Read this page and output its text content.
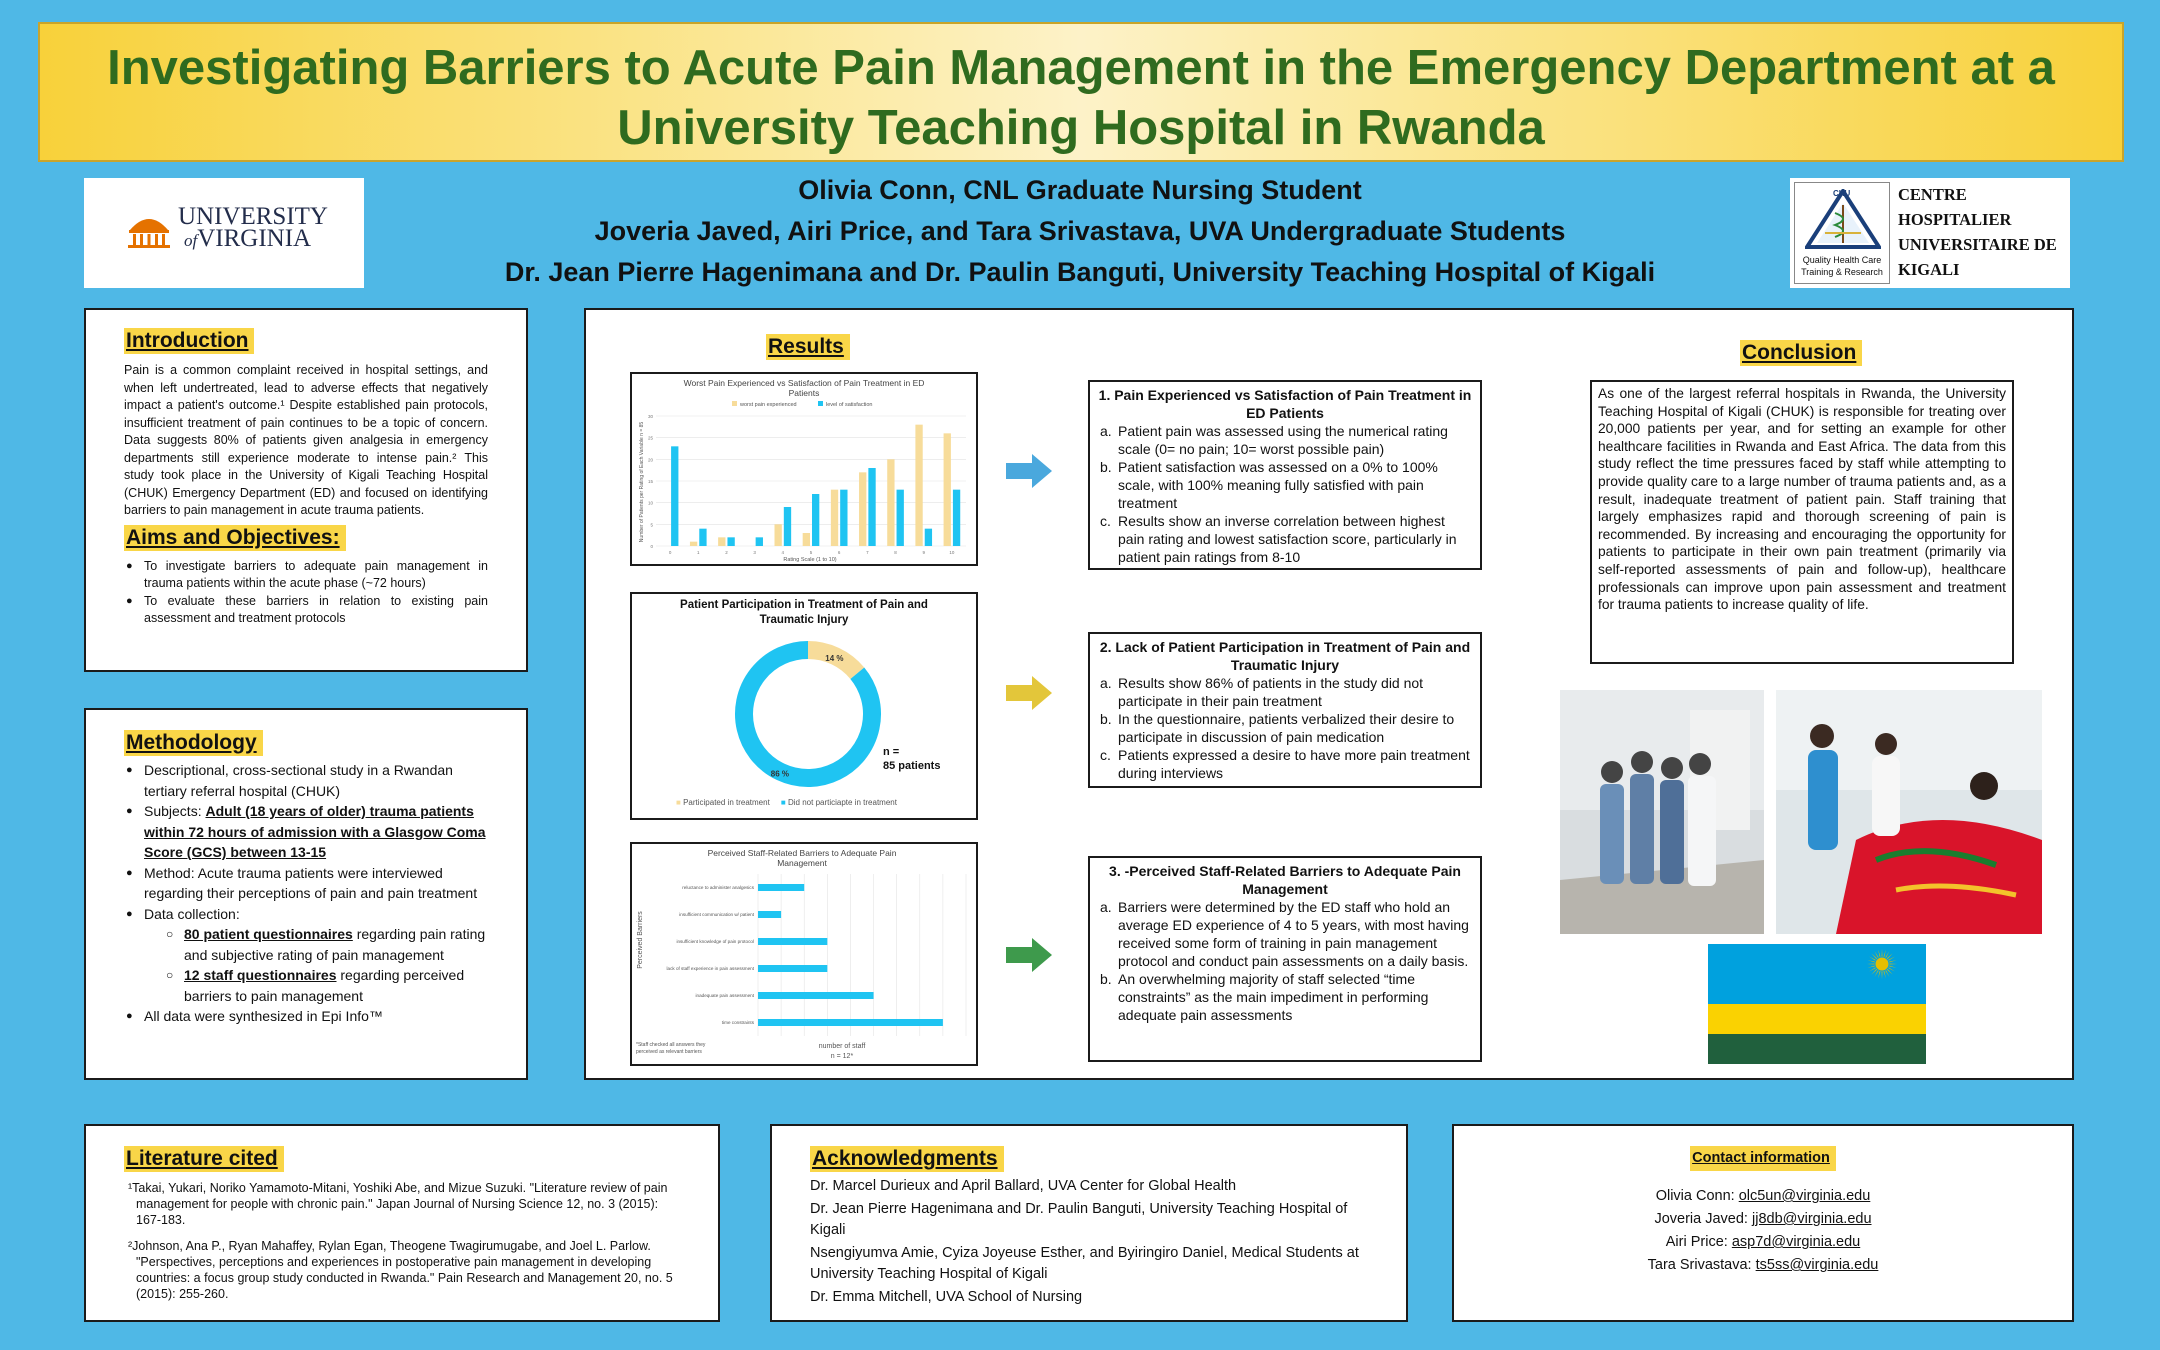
Investigating Barriers to Acute Pain Management in the Emergency Department at a
University Teaching Hospital in Rwanda
UNIVERSITY
ofVIRGINIA
Olivia Conn, CNL Graduate Nursing Student
Joveria Javed, Airi Price, and Tara Srivastava, UVA Undergraduate Students
Dr. Jean Pierre Hagenimana and Dr. Paulin Banguti, University Teaching Hospital of Kigali
CHU
Quality Health Care
Training & Research
CENTRE
HOSPITALIER
UNIVERSITAIRE DE
KIGALI
Introduction
Pain is a common complaint received in hospital settings, and when left undertreated, lead to adverse effects that negatively impact a patient's outcome.¹ Despite established pain protocols, insufficient treatment of pain continues to be a topic of concern. Data suggests 80% of patients given analgesia in emergency departments still experience moderate to intense pain.² This study took place in the University of Kigali Teaching Hospital (CHUK) Emergency Department (ED) and focused on identifying barriers to pain management in acute trauma patients.
Aims and Objectives:
● To investigate barriers to adequate pain management in trauma patients within the acute phase (~72 hours)
● To evaluate these barriers in relation to existing pain assessment and treatment protocols
Methodology
● Descriptional, cross-sectional study in a Rwandan tertiary referral hospital (CHUK)
● Subjects: Adult (18 years of older) trauma patients within 72 hours of admission with a Glasgow Coma Score (GCS) between 13-15
● Method: Acute trauma patients were interviewed regarding their perceptions of pain and pain treatment
● Data collection:
○ 80 patient questionnaires regarding pain rating and subjective rating of pain management
○ 12 staff questionnaires regarding perceived barriers to pain management
● All data were synthesized in Epi Info™
Results	Conclusion
Worst Pain Experienced vs Satisfaction of Pain Treatment in ED
Patients
worst pain experienced	level of satisfaction
Number of Patients per Rating of Each Variable n = 85
Rating Scale (1 to 10)
0
5
10
15
20
25
30
0	1	2	3	4	5	6	7	8	9	10
Patient Participation in Treatment of Pain and Traumatic Injury
14 %
86 %
n =
85 patients
■ Participated in treatment ■ Did not particiapte in treatment
Perceived Staff-Related Barriers to Adequate Pain
Management
Perceived Barriers
number of staff
n = 12*
*Staff checked all answers they
perceived as relevant barriers
reluctance to administer analgesics
insufficient communication w/ patient
insufficient knowledge of pain protocol
lack of staff experience in pain assessment
inadequate pain assessment
time constraints
1. Pain Experienced vs Satisfaction of Pain Treatment in ED Patients
a. Patient pain was assessed using the numerical rating scale (0= no pain; 10= worst possible pain)
b. Patient satisfaction was assessed on a 0% to 100% scale, with 100% meaning fully satisfied with pain treatment
c. Results show an inverse correlation between highest pain rating and lowest satisfaction score, particularly in patient pain ratings from 8-10
2. Lack of Patient Participation in Treatment of Pain and Traumatic Injury
a. Results show 86% of patients in the study did not participate in their pain treatment
b. In the questionnaire, patients verbalized their desire to participate in discussion of pain medication
c. Patients expressed a desire to have more pain treatment during interviews
3. -Perceived Staff-Related Barriers to Adequate Pain Management
a. Barriers were determined by the ED staff who hold an average ED experience of 4 to 5 years, with most having received some form of training in pain management protocol and conduct pain assessments on a daily basis.
b. An overwhelming majority of staff selected “time constraints” as the main impediment in performing adequate pain assessments
As one of the largest referral hospitals in Rwanda, the University Teaching Hospital of Kigali (CHUK) is responsible for treating over 20,000 patients per year, and for setting an example for other healthcare facilities in Rwanda and East Africa. The data from this study reflect the time pressures faced by staff while attempting to provide quality care to a large number of trauma patients and, as a result, inadequate treatment of patient pain. Staff training that largely emphasizes rapid and thorough screening of pain is recommended. By increasing and encouraging the opportunity for patients to participate in their own pain treatment (primarily via self-reported assessments of pain and follow-up), healthcare professionals can improve upon pain assessment and treatment for trauma patients to increase quality of life.
Literature cited

¹Takai, Yukari, Noriko Yamamoto-Mitani, Yoshiki Abe, and Mizue Suzuki. "Literature review of pain management for people with chronic pain." Japan Journal of Nursing Science 12, no. 3 (2015): 167-183.

²Johnson, Ana P., Ryan Mahaffey, Rylan Egan, Theogene Twagirumugabe, and Joel L. Parlow. "Perspectives, perceptions and experiences in postoperative pain management in developing countries: a focus group study conducted in Rwanda." Pain Research and Management 20, no. 5 (2015): 255-260.

Acknowledgments

Dr. Marcel Durieux and April Ballard, UVA Center for Global Health

Dr. Jean Pierre Hagenimana and Dr. Paulin Banguti, University Teaching Hospital of Kigali

Nsengiyumva Amie, Cyiza Joyeuse Esther, and Byiringiro Daniel, Medical Students at University Teaching Hospital of Kigali

Dr. Emma Mitchell, UVA School of Nursing

Contact information
Olivia Conn: olc5un@virginia.edu
Joveria Javed: jj8db@virginia.edu
Airi Price: asp7d@virginia.edu
Tara Srivastava: ts5ss@virginia.edu
